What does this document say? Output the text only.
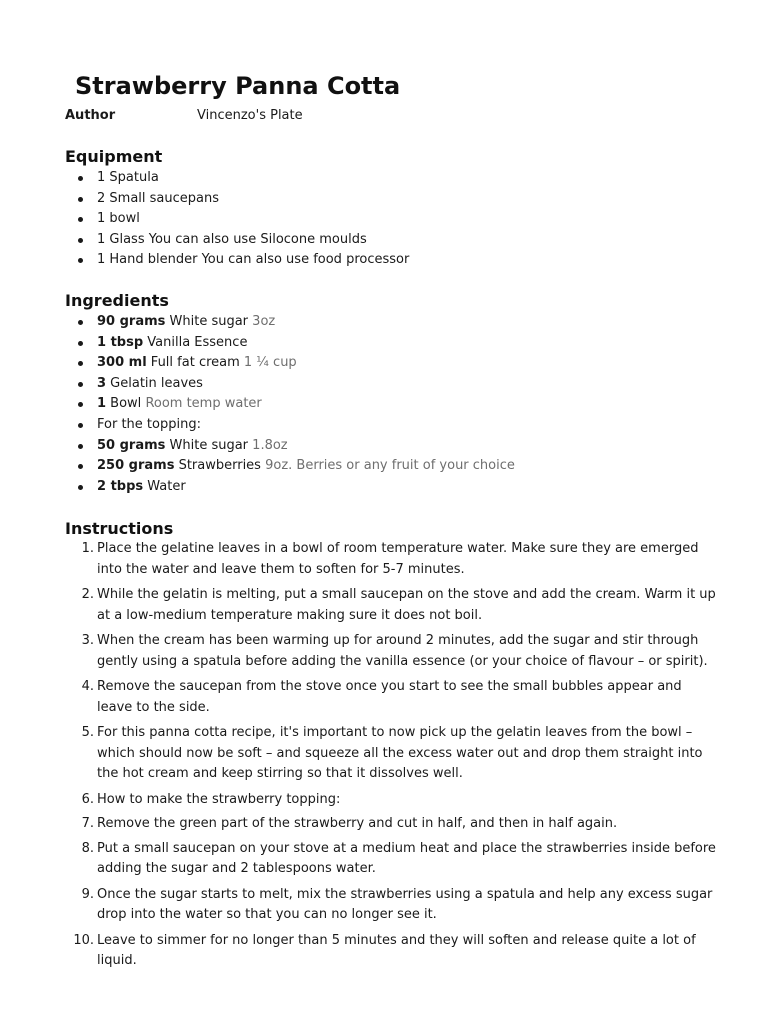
Strawberry Panna Cotta
Author	Vincenzo's Plate
Equipment
1 Spatula
2 Small saucepans
1 bowl
1 Glass You can also use Silocone moulds
1 Hand blender You can also use food processor
Ingredients
90 grams White sugar 3oz
1 tbsp Vanilla Essence
300 ml Full fat cream 1 ¼ cup
3 Gelatin leaves
1 Bowl Room temp water
For the topping:
50 grams White sugar 1.8oz
250 grams Strawberries 9oz. Berries or any fruit of your choice
2 tbps Water
Instructions
1. Place the gelatine leaves in a bowl of room temperature water. Make sure they are emerged into the water and leave them to soften for 5-7 minutes.
2. While the gelatin is melting, put a small saucepan on the stove and add the cream. Warm it up at a low-medium temperature making sure it does not boil.
3. When the cream has been warming up for around 2 minutes, add the sugar and stir through gently using a spatula before adding the vanilla essence (or your choice of flavour – or spirit).
4. Remove the saucepan from the stove once you start to see the small bubbles appear and leave to the side.
5. For this panna cotta recipe, it's important to now pick up the gelatin leaves from the bowl – which should now be soft – and squeeze all the excess water out and drop them straight into the hot cream and keep stirring so that it dissolves well.
6. How to make the strawberry topping:
7. Remove the green part of the strawberry and cut in half, and then in half again.
8. Put a small saucepan on your stove at a medium heat and place the strawberries inside before adding the sugar and 2 tablespoons water.
9. Once the sugar starts to melt, mix the strawberries using a spatula and help any excess sugar drop into the water so that you can no longer see it.
10. Leave to simmer for no longer than 5 minutes and they will soften and release quite a lot of liquid.
